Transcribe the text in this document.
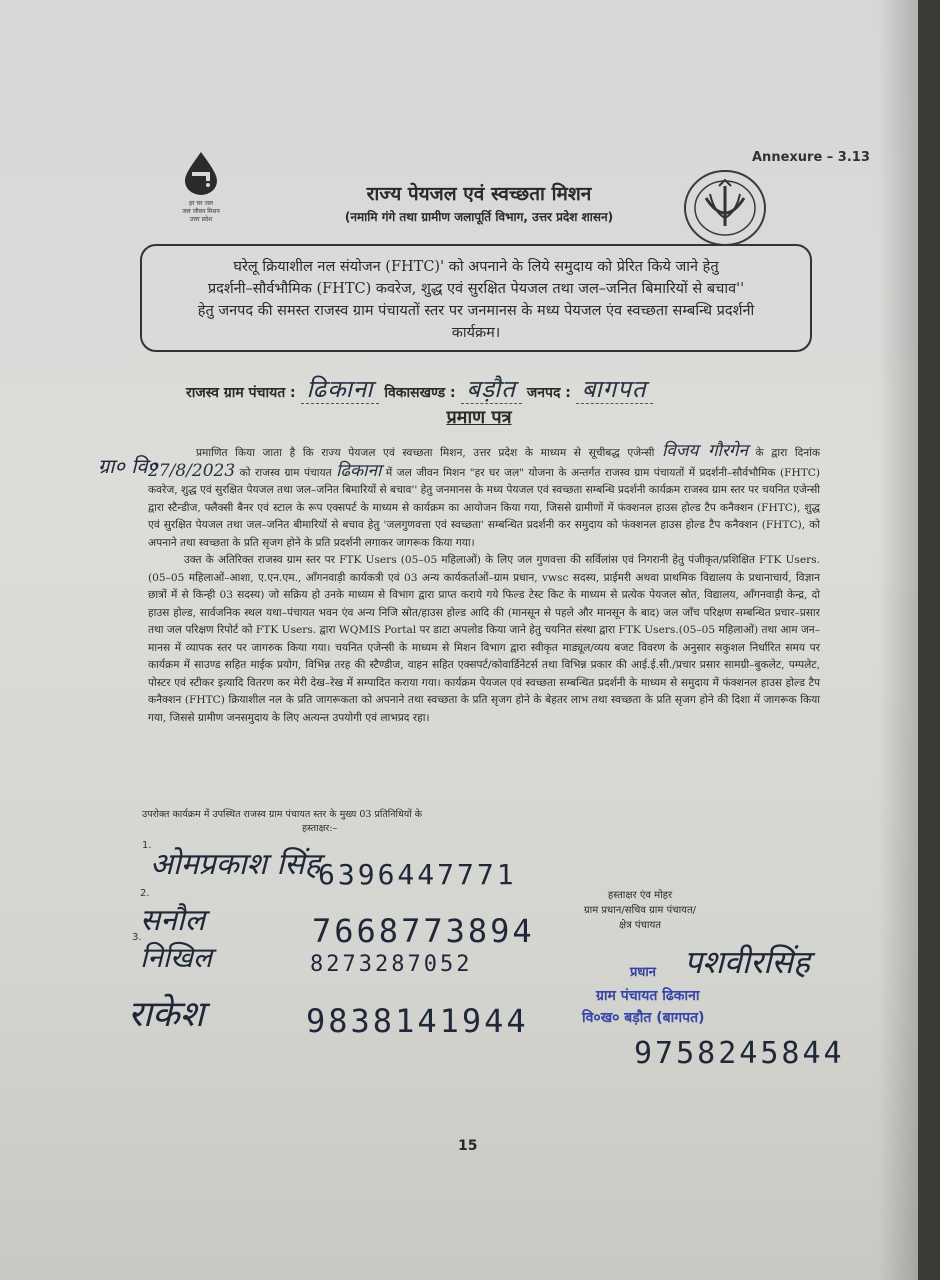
Annexure – 3.13
हर घर जल
जल जीवन मिशन
उत्तर प्रदेश
राज्य पेयजल एवं स्वच्छता मिशन
(नमामि गंगे तथा ग्रामीण जलापूर्ति विभाग, उत्तर प्रदेश शासन)
घरेलू क्रियाशील नल संयोजन (FHTC)' को अपनाने के लिये समुदाय को प्रेरित किये जाने हेतु
प्रदर्शनी–सौर्वभौमिक (FHTC) कवरेज, शुद्ध एवं सुरक्षित पेयजल तथा जल–जनित बिमारियों से बचाव''
हेतु जनपद की समस्त राजस्व ग्राम पंचायतों स्तर पर जनमानस के मध्य पेयजल एंव स्वच्छता सम्बन्धि प्रदर्शनी
कार्यक्रम।
राजस्व ग्राम पंचायत : ढिकाना विकासखण्ड : बड़ौत जनपद : बागपत
प्रमाण पत्र
ग्रा० वि०

प्रमाणित किया जाता है कि राज्य पेयजल एवं स्वच्छता मिशन, उत्तर प्रदेश के माध्यम से सूचीबद्ध एजेन्सी विजय गौरगेन के द्वारा दिनांक 27/8/2023 को राजस्व ग्राम पंचायत ढिकाना में जल जीवन मिशन "हर घर जल" योजना के अन्तर्गत राजस्व ग्राम पंचायतों में प्रदर्शनी–सौर्वभौमिक (FHTC) कवरेज, शुद्ध एवं सुरक्षित पेयजल तथा जल–जनित बिमारियों से बचाव'' हेतु जनमानस के मध्य पेयजल एवं स्वच्छता सम्बन्धि प्रदर्शनी कार्यक्रम राजस्व ग्राम स्तर पर चयनित एजेन्सी द्वारा स्टैन्डीज, फ्लैक्सी बैनर एवं स्टाल के रूप एक्सपर्ट के माध्यम से कार्यक्रम का आयोजन किया गया, जिससे ग्रामीणों में फंक्शनल हाउस होल्ड टैप कनैक्शन (FHTC), शुद्ध एवं सुरक्षित पेयजल तथा जल–जनित बीमारियों से बचाव हेतु 'जलगुणवत्ता एवं स्वच्छता' सम्बन्धित प्रदर्शनी कर समुदाय को फंक्शनल हाउस होल्ड टैप कनैक्शन (FHTC), को अपनाने तथा स्वच्छता के प्रति सृजग होने के प्रति प्रदर्शनी लगाकर जागरूक किया गया।

उक्त के अतिरिक्त राजस्व ग्राम स्तर पर FTK Users (05–05 महिलाओं) के लिए जल गुणवत्ता की सर्विलांस एवं निगरानी हेतु पंजीकृत/प्रशिक्षित FTK Users.(05–05 महिलाओं–आशा, ए.एन.एम., आँगनवाड़ी कार्यकत्री एवं 03 अन्य कार्यकर्ताओं–ग्राम प्रधान, vwsc सदस्य, प्राईमरी अथवा प्राथमिक विद्यालय के प्रधानाचार्य, विज्ञान छात्रों में से किन्ही 03 सदस्य) जो सक्रिय हो उनके माध्यम से विभाग द्वारा प्राप्त कराये गये फिल्ड टेस्ट किट के माध्यम से प्रत्येक पेयजल स्रोत, विद्यालय, आँगनवाड़ी केन्द्र, दो हाउस होल्ड, सार्वजनिक स्थल यथा–पंचायत भवन एंव अन्य निजि स्रोत/हाउस होल्ड आदि की (मानसून से पहले और मानसून के बाद) जल जाँच परिक्षण सम्बन्धित प्रचार–प्रसार तथा जल परिक्षण रिपोर्ट को FTK Users. द्वारा WQMIS Portal पर डाटा अपलोड किया जाने हेतु चयनित संस्था द्वारा FTK Users.(05–05 महिलाओं) तथा आम जन–मानस में व्यापक स्तर पर जागरुक किया गया। चयनित एजेन्सी के माध्यम से मिशन विभाग द्वारा स्वीकृत माड्यूल/व्यय बजट विवरण के अनुसार सकुशल निर्धारित समय पर कार्यक्रम में साउण्ड सहित माईक प्रयोग, विभिन्न तरह की स्टैण्डीज, वाहन सहित एक्सपर्ट/कोवार्डिनेटर्स तथा विभिन्न प्रकार की आई.ई.सी./प्रचार प्रसार सामग्री–बुकलेट, पम्पलेट, पोस्टर एवं स्टीकर इत्यादि वितरण कर मेरी देख–रेख में सम्पादित कराया गया। कार्यक्रम पेयजल एवं स्वच्छता सम्बन्धित प्रदर्शनी के माध्यम से समुदाय में फंक्शनल हाउस होल्ड टैप कनैक्शन (FHTC) क्रियाशील नल के प्रति जागरूकता को अपनाने तथा स्वच्छता के प्रति सृजग होने के बेहतर लाभ तथा स्वच्छता के प्रति सृजग होने की दिशा में जागरूक किया गया, जिससे ग्रामीण जनसमुदाय के लिए अत्यन्त उपयोगी एवं लाभप्रद रहा।

उपरोक्त कार्यक्रम में उपस्थित राजस्व ग्राम पंचायत स्तर के मुख्य 03 प्रतिनिधियों के
हस्ताक्षर:–
1.
ओमप्रकाश सिंह
6396447771
2.
सनौल	7668773894
3.
निखिल	8273287052
राकेश	9838141944
हस्ताक्षर एंव मोहर
ग्राम प्रधान/सचिव ग्राम पंचायत/
क्षेत्र पंचायत
प्रधान पशवीरसिंह
ग्राम पंचायत ढिकाना
वि०ख० बड़ौत (बागपत)
9758245844
15
